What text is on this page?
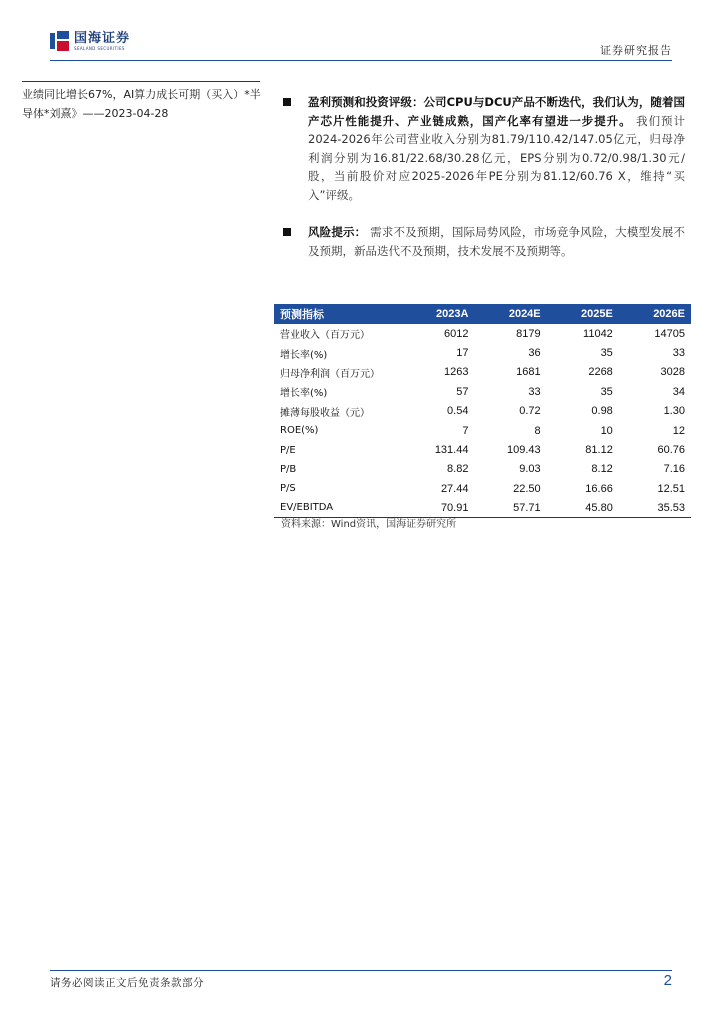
国海证券
SEALAND SECURITIES	证券研究报告
业绩同比增长67%，AI算力成长可期（买入）*半导体*刘熹》——2023-04-28
盈利预测和投资评级：公司CPU与DCU产品不断迭代，我们认为，随着国产芯片性能提升、产业链成熟，国产化率有望进一步提升。 我们预计2024-2026年公司营业收入分别为81.79/110.42/147.05亿元，归母净利润分别为16.81/22.68/30.28亿元，EPS分别为0.72/0.98/1.30元/股，当前股价对应2025-2026年PE分别为81.12/60.76 X，维持“买入”评级。
风险提示： 需求不及预期，国际局势风险，市场竞争风险，大模型发展不及预期，新品迭代不及预期，技术发展不及预期等。
预测指标	2023A	2024E	2025E	2026E
营业收入（百万元）	6012	8179	11042	14705
增长率(%)	17	36	35	33
归母净利润（百万元）	1263	1681	2268	3028
增长率(%)	57	33	35	34
摊薄每股收益（元）	0.54	0.72	0.98	1.30
ROE(%)	7	8	10	12
P/E	131.44	109.43	81.12	60.76
P/B	8.82	9.03	8.12	7.16
P/S	27.44	22.50	16.66	12.51
EV/EBITDA	70.91	57.71	45.80	35.53
资料来源：Wind资讯，国海证券研究所
请务必阅读正文后免责条款部分	2
